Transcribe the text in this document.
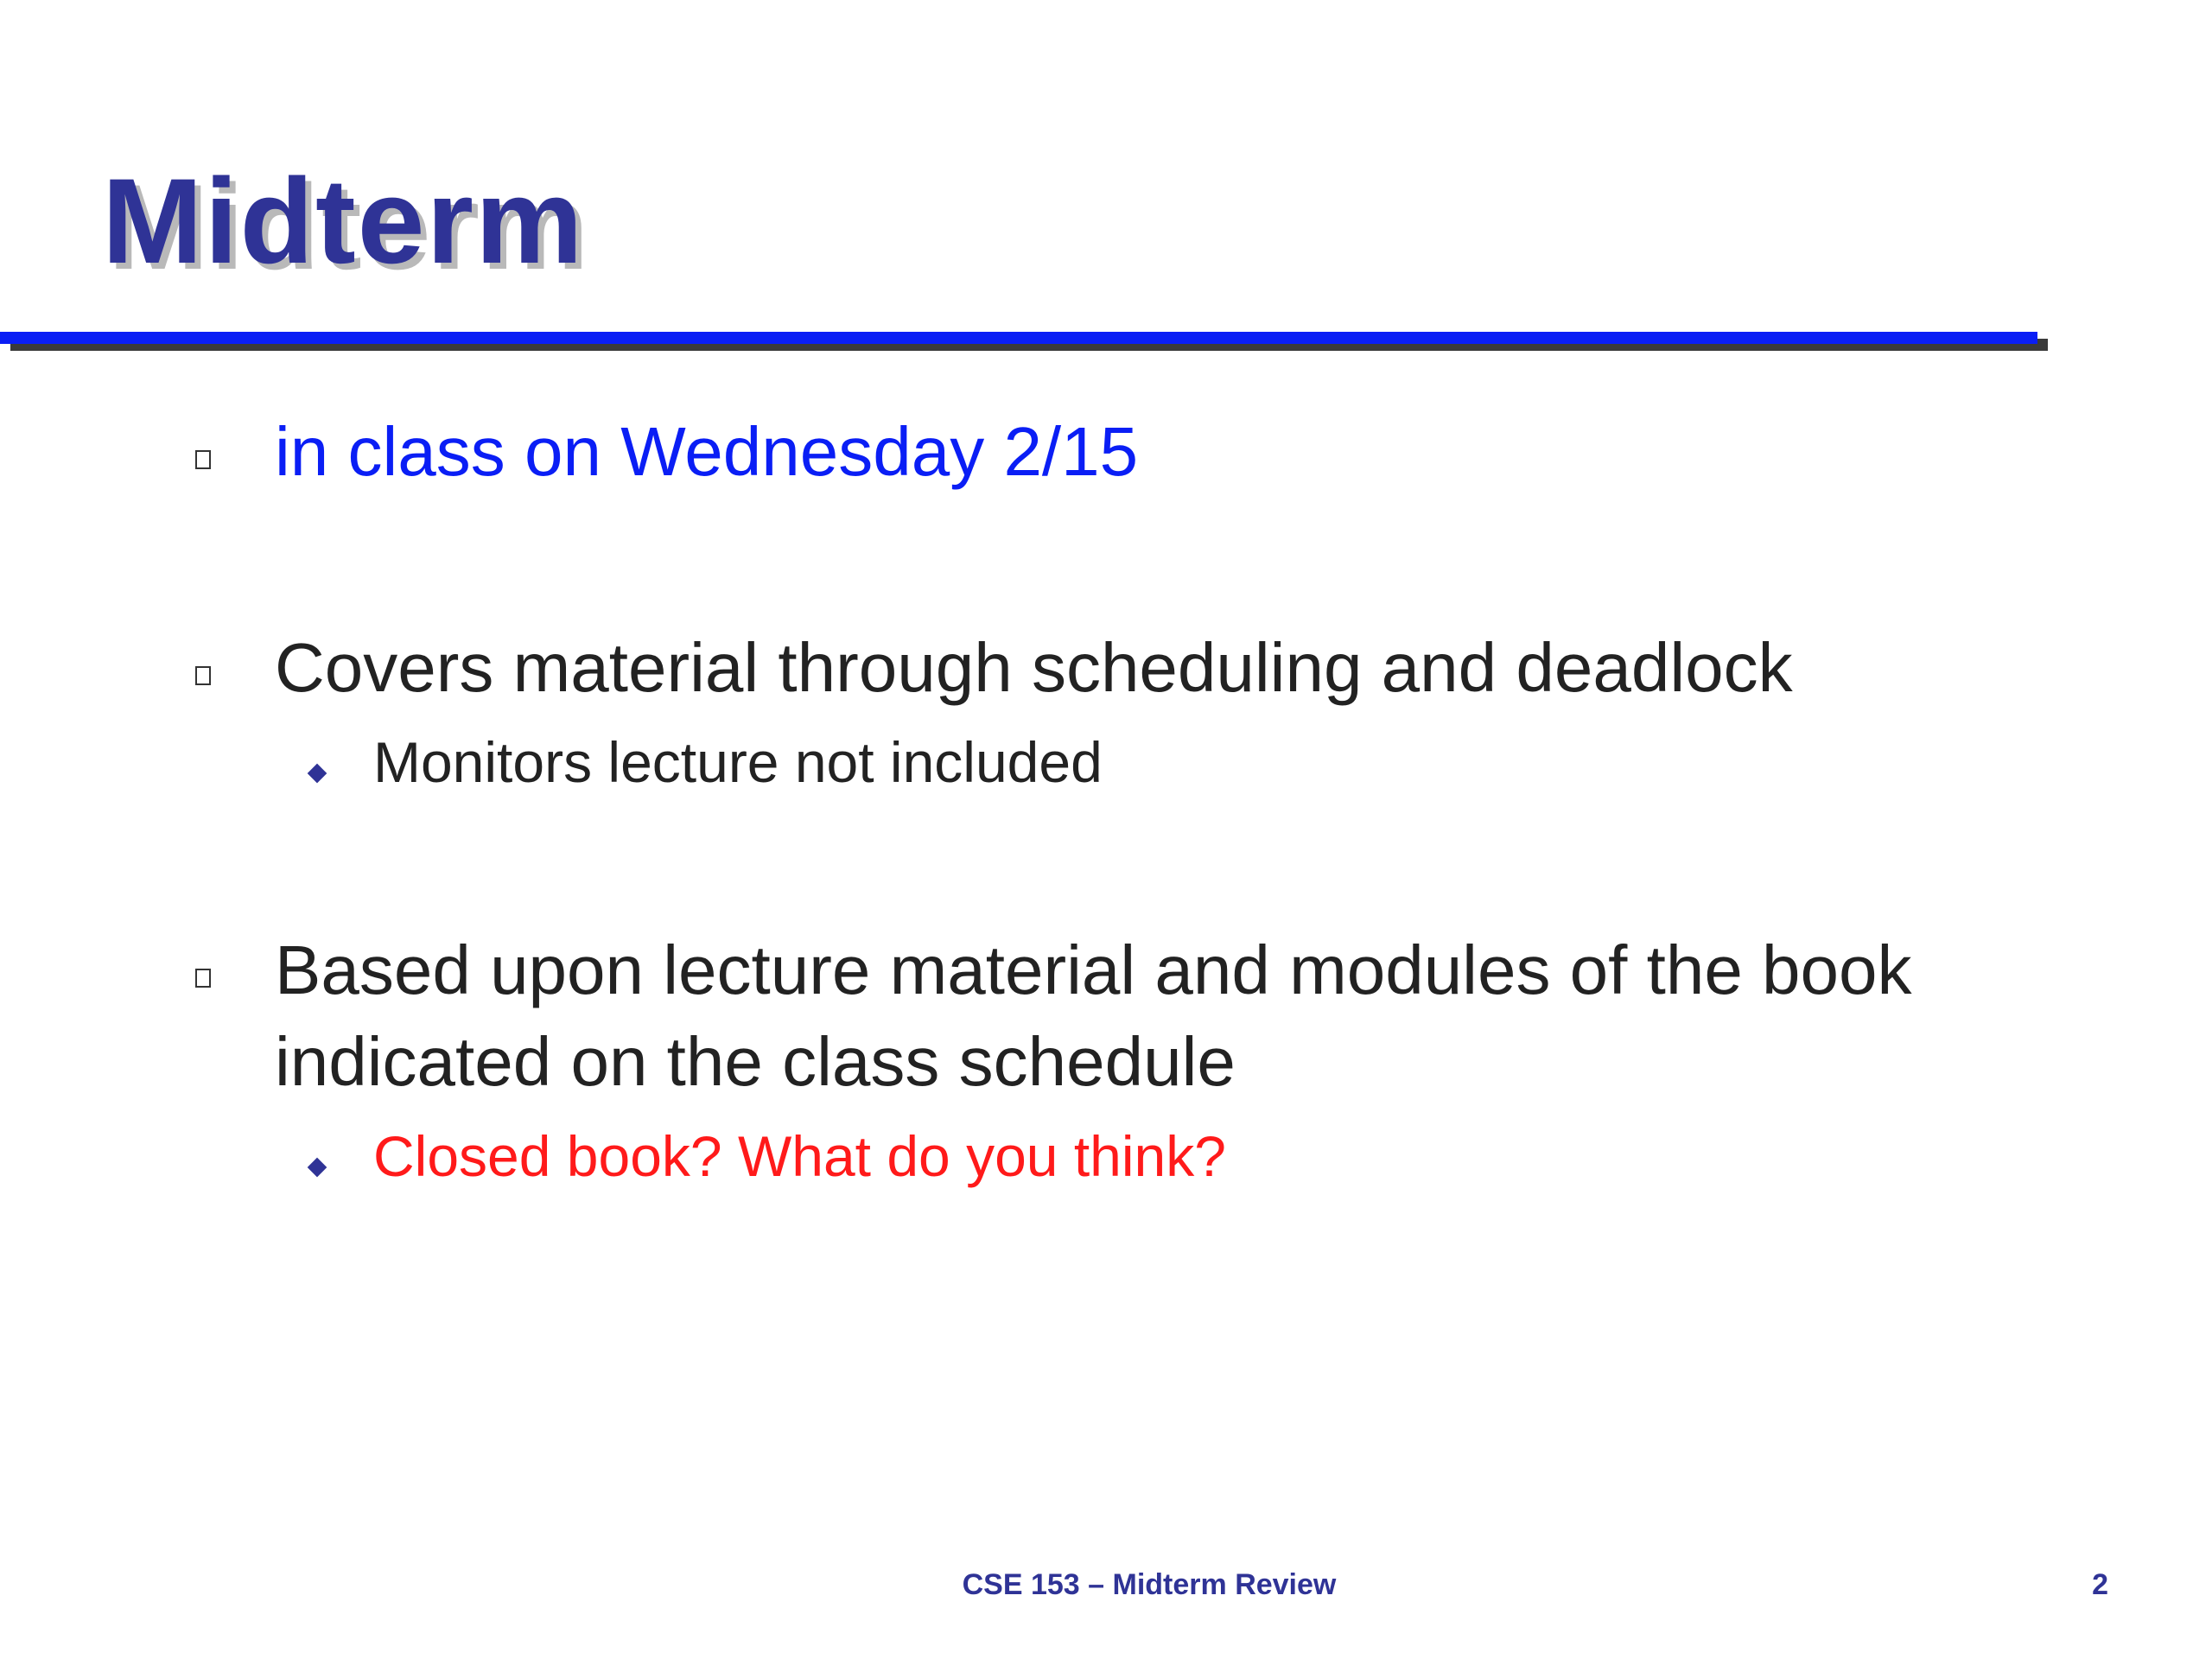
Midterm

in class on Wednesday 2/15

Covers material through scheduling and deadlock

Monitors lecture not included

Based upon lecture material and modules of the book

indicated on the class schedule

Closed book? What do you think?

CSE 153 – Midterm Review	2
